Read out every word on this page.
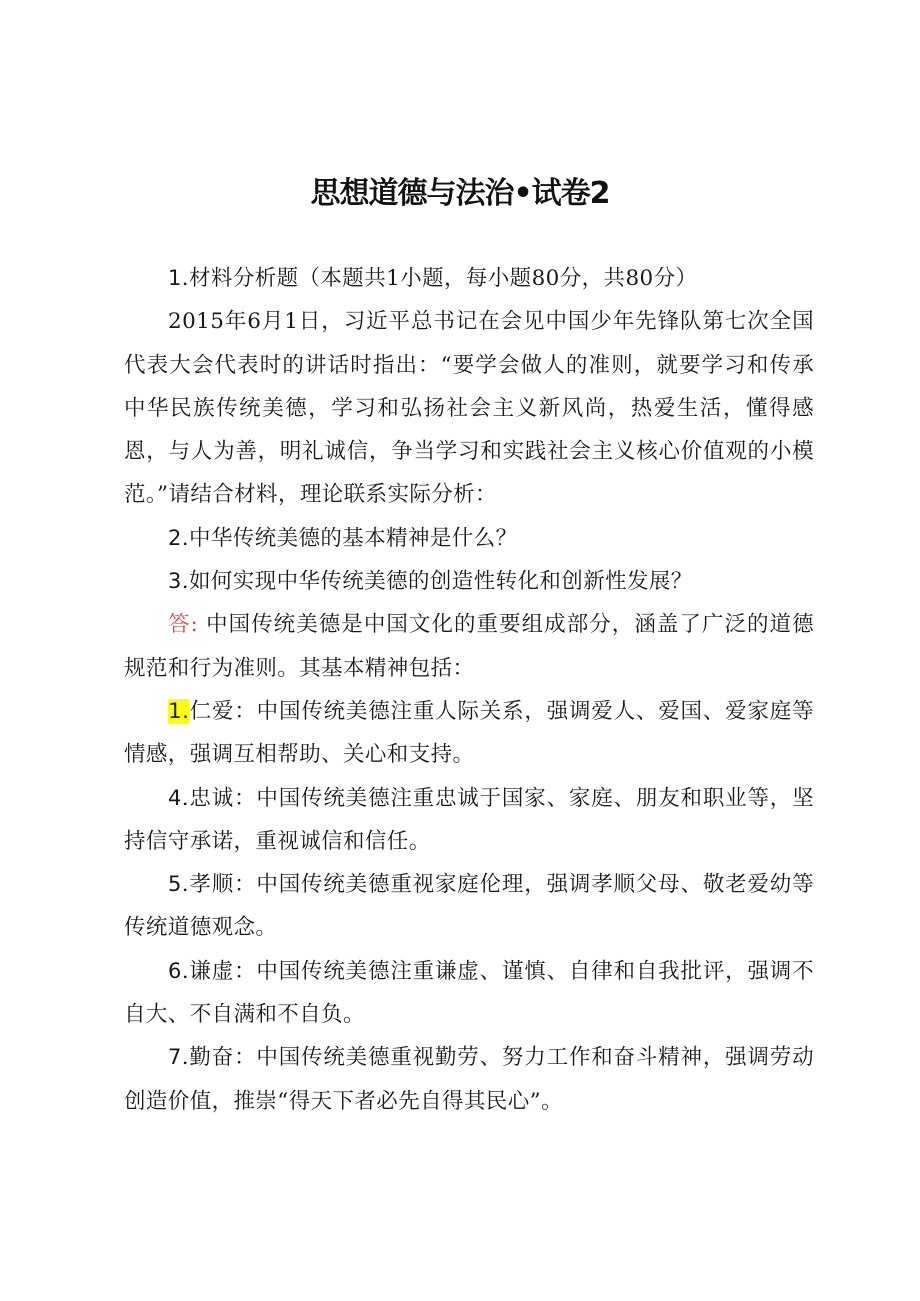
思想道德与法治•试卷2

1.材料分析题（本题共1小题，每小题80分，共80分）

2015年6月1日，习近平总书记在会见中国少年先锋队第七次全国代表大会代表时的讲话时指出：“要学会做人的准则，就要学习和传承中华民族传统美德，学习和弘扬社会主义新风尚，热爱生活，懂得感恩，与人为善，明礼诚信，争当学习和实践社会主义核心价值观的小模范。”请结合材料，理论联系实际分析：

2.中华传统美德的基本精神是什么？

3.如何实现中华传统美德的创造性转化和创新性发展？

答: 中国传统美德是中国文化的重要组成部分，涵盖了广泛的道德规范和行为准则。其基本精神包括：

1.仁爱：中国传统美德注重人际关系，强调爱人、爱国、爱家庭等情感，强调互相帮助、关心和支持。

4.忠诚：中国传统美德注重忠诚于国家、家庭、朋友和职业等，坚持信守承诺，重视诚信和信任。

5.孝顺：中国传统美德重视家庭伦理，强调孝顺父母、敬老爱幼等传统道德观念。

6.谦虚：中国传统美德注重谦虚、谨慎、自律和自我批评，强调不自大、不自满和不自负。

7.勤奋：中国传统美德重视勤劳、努力工作和奋斗精神，强调劳动创造价值，推崇“得天下者必先自得其民心”。
